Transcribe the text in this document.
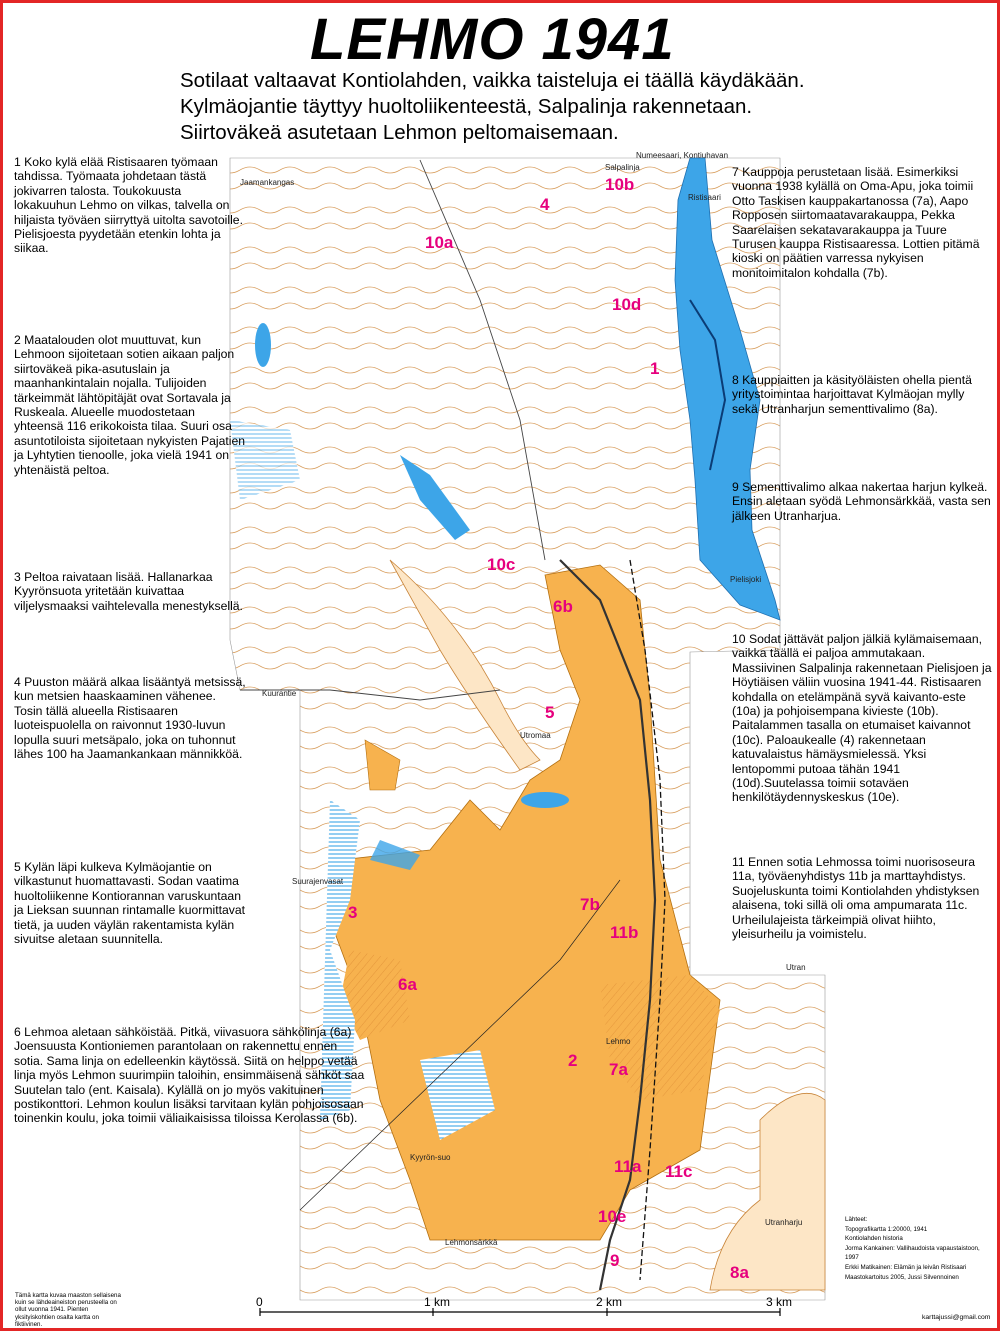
10b
4
10a
10d
1
10c
6b
5
7b
11b
3
6a
2 7a
11a 11c
10e
9
8a
Jaamankangas
Pielisjoki
Utromaa
Lehmo
Kyyrön-suo
Lehmonsärkkä
Utranharju
Ristisaari
Numeesaari, Kontiuhavan
Salpalinja
Kuurantie
Suurajenvasat
Utran
0	1 km	2 km	3 km
LEHMO 1941
Sotilaat valtaavat Kontiolahden, vaikka taisteluja ei täällä käydäkään.
Kylmäojantie täyttyy huoltoliikenteestä, Salpalinja rakennetaan.
Siirtoväkeä asutetaan Lehmon peltomaisemaan.
1 Koko kylä elää Ristisaaren työmaan tahdissa. Työmaata johdetaan tästä jokivarren talosta. Toukokuusta lokakuuhun Lehmo on vilkas, talvella on hiljaista työväen siirryttyä uitolta savotoille. Pielisjoesta pyydetään etenkin lohta ja siikaa.
2 Maatalouden olot muuttuvat, kun Lehmoon sijoitetaan sotien aikaan paljon siirtoväkeä pika-asutuslain ja maanhankintalain nojalla. Tulijoiden tärkeimmät lähtöpitäjät ovat Sortavala ja Ruskeala. Alueelle muodostetaan yhteensä 116 erikokoista tilaa. Suuri osa asuntotiloista sijoitetaan nykyisten Pajatien ja Lyhtytien tienoolle, joka vielä 1941 on yhtenäistä peltoa.
3 Peltoa raivataan lisää. Hallanarkaa Kyyrönsuota yritetään kuivattaa viljelysmaaksi vaihtelevalla menestyksellä.
4 Puuston määrä alkaa lisääntyä metsissä, kun metsien haaskaaminen vähenee. Tosin tällä alueella Ristisaaren luoteispuolella on raivonnut 1930-luvun lopulla suuri metsäpalo, joka on tuhonnut lähes 100 ha Jaamankankaan männikköä.
5 Kylän läpi kulkeva Kylmäojantie on vilkastunut huomattavasti. Sodan vaatima huoltoliikenne Kontiorannan varuskuntaan ja Lieksan suunnan rintamalle kuormittavat tietä, ja uuden väylän rakentamista kylän sivuitse aletaan suunnitella.
6 Lehmoa aletaan sähköistää. Pitkä, viivasuora sähkölinja (6a) Joensuusta Kontioniemen parantolaan on rakennettu ennen sotia. Sama linja on edelleenkin käytössä. Siitä on helppo vetää linja myös Lehmon suurimpiin taloihin, ensimmäisenä sähköt saa Suutelan talo (ent. Kaisala). Kylällä on jo myös vakituinen postikonttori. Lehmon koulun lisäksi tarvitaan kylän pohjoisosaan toinenkin koulu, joka toimii väliaikaisissa tiloissa Kerolassa (6b).
7 Kauppoja perustetaan lisää. Esimerkiksi vuonna 1938 kylällä on Oma-Apu, joka toimii Otto Taskisen kauppakartanossa (7a), Aapo Ropposen siirtomaatavarakauppa, Pekka Saarelaisen sekatavarakauppa ja Tuure Turusen kauppa Ristisaaressa. Lottien pitämä kioski on päätien varressa nykyisen monitoimitalon kohdalla (7b).
8 Kauppiaitten ja käsityöläisten ohella pientä yritystoimintaa harjoittavat Kylmäojan mylly sekä Utranharjun sementtivalimo (8a).
9 Sementtivalimo alkaa nakertaa harjun kylkeä. Ensin aletaan syödä Lehmonsärkkää, vasta sen jälkeen Utranharjua.
10 Sodat jättävät paljon jälkiä kylämaisemaan, vaikka täällä ei paljoa ammutakaan. Massiivinen Salpalinja rakennetaan Pielisjoen ja Höytiäisen väliin vuosina 1941-44. Ristisaaren kohdalla on etelämpänä syvä kaivanto-este (10a) ja pohjoisempana kivieste (10b). Paitalammen tasalla on etumaiset kaivannot (10c). Paloaukealle (4) rakennetaan katuvalaistus hämäysmielessä. Yksi lentopommi putoaa tähän 1941 (10d).Suutelassa toimii sotaväen henkilötäydennyskeskus (10e).
11 Ennen sotia Lehmossa toimi nuorisoseura 11a, työväenyhdistys 11b ja marttayhdistys. Suojeluskunta toimi Kontiolahden yhdistyksen alaisena, toki sillä oli oma ampumarata 11c. Urheilulajeista tärkeimpiä olivat hiihto, yleisurheilu ja voimistelu.
Lähteet:
Topografikartta 1:20000, 1941
Kontiolahden historia
Jorma Kankainen: Vallihaudoista vapaustaistoon, 1997
Erkki Matikainen: Elämän ja leivän Ristisaari
Maastokartoitus 2005, Jussi Silvennoinen
Tämä kartta kuvaa maaston sellaisena kuin se lähdeaineiston perusteella on ollut vuonna 1941. Pienten yksityiskohtien osalta kartta on fiktiivinen.
karttajussi@gmail.com
